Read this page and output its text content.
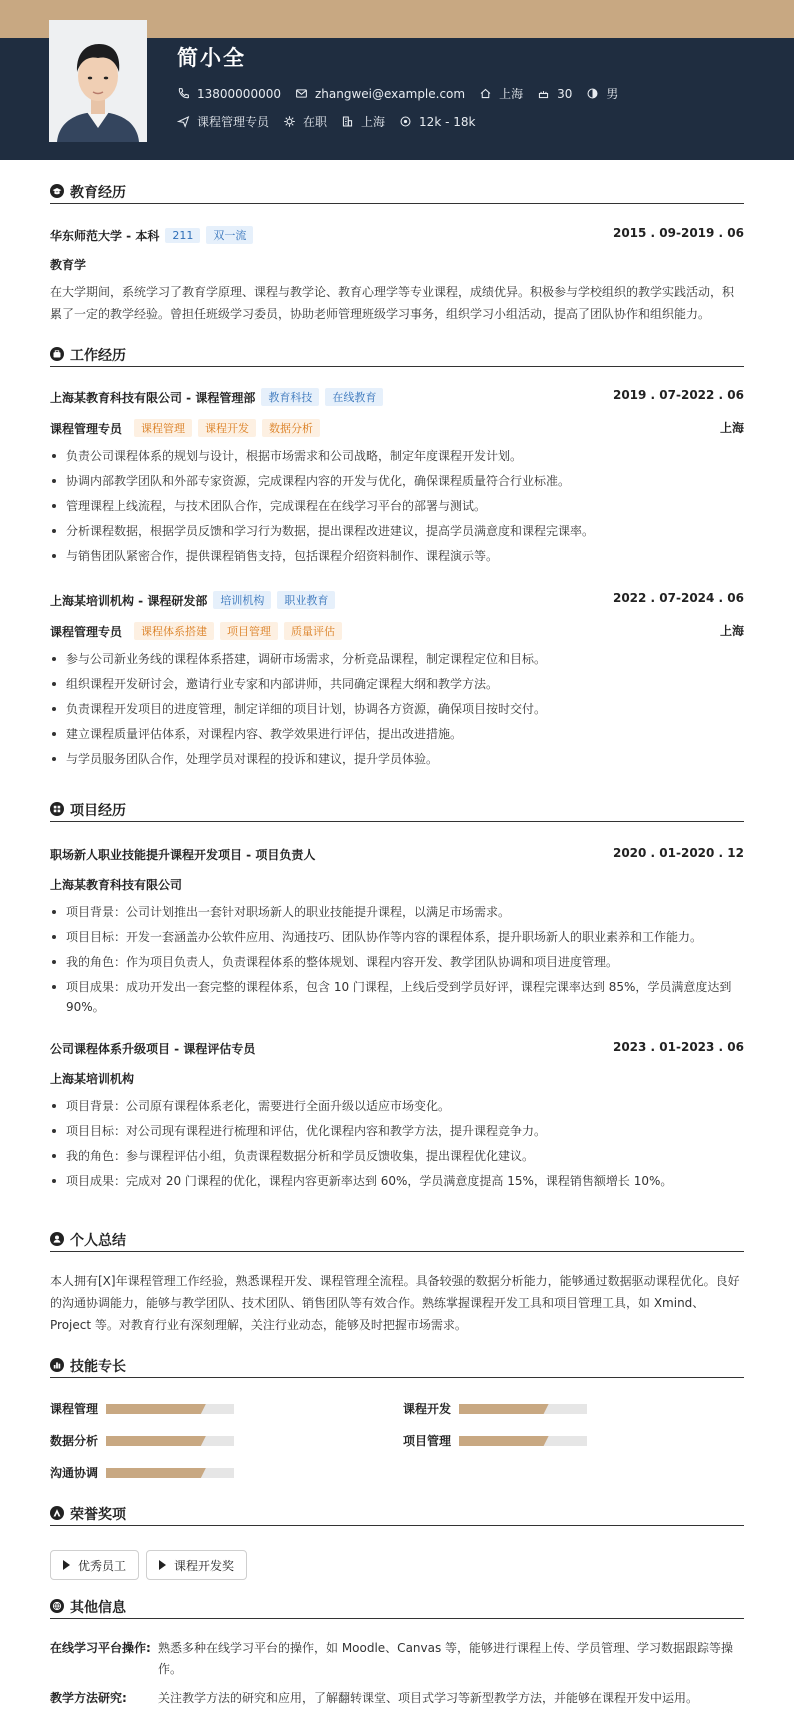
简小全
13800000000	zhangwei@example.com	上海	30	男
课程管理专员	在职	上海	12k - 18k
教育经历
华东师范大学 - 本科 211 双一流	2015 . 09-2019 . 06
教育学
在大学期间，系统学习了教育学原理、课程与教学论、教育心理学等专业课程，成绩优异。积极参与学校组织的教学实践活动，积累了一定的教学经验。曾担任班级学习委员，协助老师管理班级学习事务，组织学习小组活动，提高了团队协作和组织能力。
工作经历
上海某教育科技有限公司 - 课程管理部 教育科技 在线教育	2019 . 07-2022 . 06
课程管理专员 课程管理 课程开发 数据分析	上海
负责公司课程体系的规划与设计，根据市场需求和公司战略，制定年度课程开发计划。
协调内部教学团队和外部专家资源，完成课程内容的开发与优化，确保课程质量符合行业标准。
管理课程上线流程，与技术团队合作，完成课程在在线学习平台的部署与测试。
分析课程数据，根据学员反馈和学习行为数据，提出课程改进建议，提高学员满意度和课程完课率。
与销售团队紧密合作，提供课程销售支持，包括课程介绍资料制作、课程演示等。
上海某培训机构 - 课程研发部 培训机构 职业教育	2022 . 07-2024 . 06
课程管理专员 课程体系搭建 项目管理 质量评估	上海
参与公司新业务线的课程体系搭建，调研市场需求，分析竞品课程，制定课程定位和目标。
组织课程开发研讨会，邀请行业专家和内部讲师，共同确定课程大纲和教学方法。
负责课程开发项目的进度管理，制定详细的项目计划，协调各方资源，确保项目按时交付。
建立课程质量评估体系，对课程内容、教学效果进行评估，提出改进措施。
与学员服务团队合作，处理学员对课程的投诉和建议，提升学员体验。
项目经历
职场新人职业技能提升课程开发项目 - 项目负责人	2020 . 01-2020 . 12
上海某教育科技有限公司
项目背景：公司计划推出一套针对职场新人的职业技能提升课程，以满足市场需求。
项目目标：开发一套涵盖办公软件应用、沟通技巧、团队协作等内容的课程体系，提升职场新人的职业素养和工作能力。
我的角色：作为项目负责人，负责课程体系的整体规划、课程内容开发、教学团队协调和项目进度管理。
项目成果：成功开发出一套完整的课程体系，包含 10 门课程，上线后受到学员好评，课程完课率达到 85%，学员满意度达到 90%。
公司课程体系升级项目 - 课程评估专员	2023 . 01-2023 . 06
上海某培训机构
项目背景：公司原有课程体系老化，需要进行全面升级以适应市场变化。
项目目标：对公司现有课程进行梳理和评估，优化课程内容和教学方法，提升课程竞争力。
我的角色：参与课程评估小组，负责课程数据分析和学员反馈收集，提出课程优化建议。
项目成果：完成对 20 门课程的优化，课程内容更新率达到 60%，学员满意度提高 15%，课程销售额增长 10%。
个人总结
本人拥有[X]年课程管理工作经验，熟悉课程开发、课程管理全流程。具备较强的数据分析能力，能够通过数据驱动课程优化。良好的沟通协调能力，能够与教学团队、技术团队、销售团队等有效合作。熟练掌握课程开发工具和项目管理工具，如 Xmind、Project 等。对教育行业有深刻理解，关注行业动态，能够及时把握市场需求。
技能专长
课程管理	课程开发
数据分析	项目管理
沟通协调
荣誉奖项
优秀员工	课程开发奖
其他信息
在线学习平台操作: 熟悉多种在线学习平台的操作，如 Moodle、Canvas 等，能够进行课程上传、学员管理、学习数据跟踪等操作。
教学方法研究:	关注教学方法的研究和应用，了解翻转课堂、项目式学习等新型教学方法，并能够在课程开发中运用。
